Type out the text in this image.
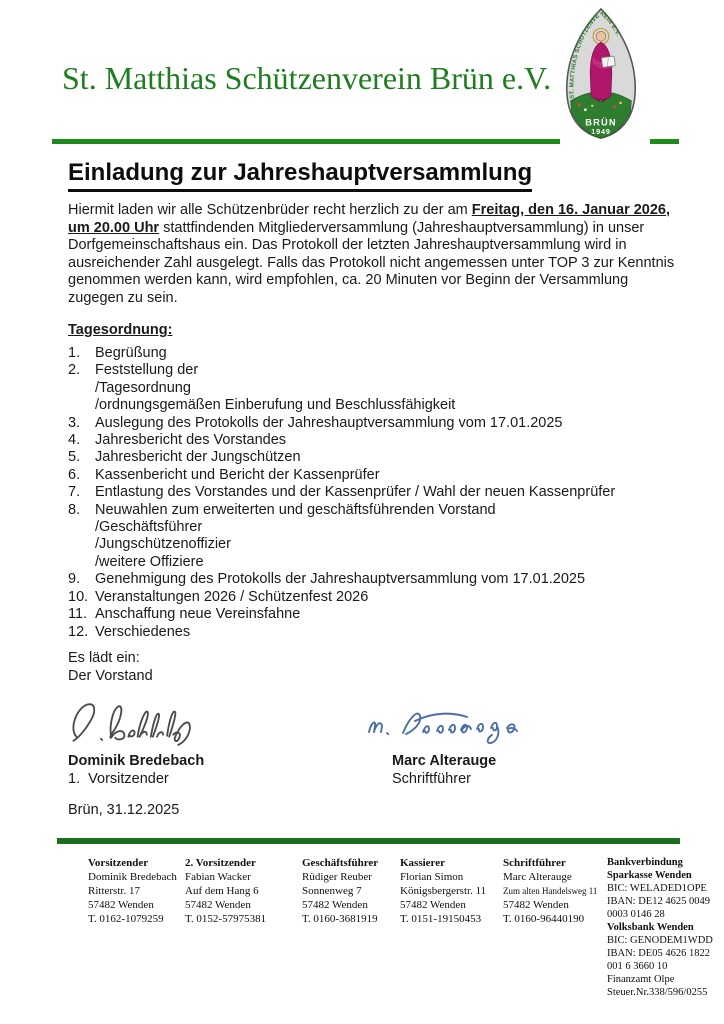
St. Matthias Schützenverein Brün e.V.
ST. MATTHIAS SCHÜTZENVEREIN E.V.
BRÜN
1949
Einladung zur Jahreshauptversammlung

Hiermit laden wir alle Schützenbrüder recht herzlich zu der am Freitag, den 16. Januar 2026, um 20.00 Uhr stattfindenden Mitgliederversammlung (Jahreshauptversammlung) in unser Dorfgemeinschaftshaus ein. Das Protokoll der letzten Jahreshauptversammlung wird in ausreichender Zahl ausgelegt. Falls das Protokoll nicht angemessen unter TOP 3 zur Kenntnis genommen werden kann, wird empfohlen, ca. 20 Minuten vor Beginn der Versammlung zugegen zu sein.

Tagesordnung:
1.	Begrüßung
2.	Feststellung der
/Tagesordnung
/ordnungsgemäßen Einberufung und Beschlussfähigkeit
3.	Auslegung des Protokolls der Jahreshauptversammlung vom 17.01.2025
4.	Jahresbericht des Vorstandes
5.	Jahresbericht der Jungschützen
6.	Kassenbericht und Bericht der Kassenprüfer
7.	Entlastung des Vorstandes und der Kassenprüfer / Wahl der neuen Kassenprüfer
8.	Neuwahlen zum erweiterten und geschäftsführenden Vorstand
/Geschäftsführer
/Jungschützenoffizier
/weitere Offiziere
9.	Genehmigung des Protokolls der Jahreshauptversammlung vom 17.01.2025
10. Veranstaltungen 2026 / Schützenfest 2026
11. Anschaffung neue Vereinsfahne
12. Verschiedenes
Es lädt ein:
Der Vorstand
Dominik Bredebach
1.  Vorsitzender
Marc Alterauge
Schriftführer
Brün, 31.12.2025
Vorsitzender
Dominik Bredebach
Ritterstr. 17
57482 Wenden
T. 0162-1079259
2. Vorsitzender
Fabian Wacker
Auf dem Hang 6
57482 Wenden
T. 0152-57975381
Geschäftsführer
Rüdiger Reuber
Sonnenweg 7
57482 Wenden
T. 0160-3681919
Kassierer
Florian Simon
Königsbergerstr. 11
57482 Wenden
T. 0151-19150453
Schriftführer
Marc Alterauge
Zum alten Handelsweg 11
57482 Wenden
T. 0160-96440190
Bankverbindung
Sparkasse Wenden
BIC: WELADED1OPE
IBAN: DE12 4625 0049
0003 0146 28
Volksbank Wenden
BIC: GENODEM1WDD
IBAN: DE05 4626 1822
001 6 3660 10
Finanzamt Olpe
Steuer.Nr.338/596/0255
